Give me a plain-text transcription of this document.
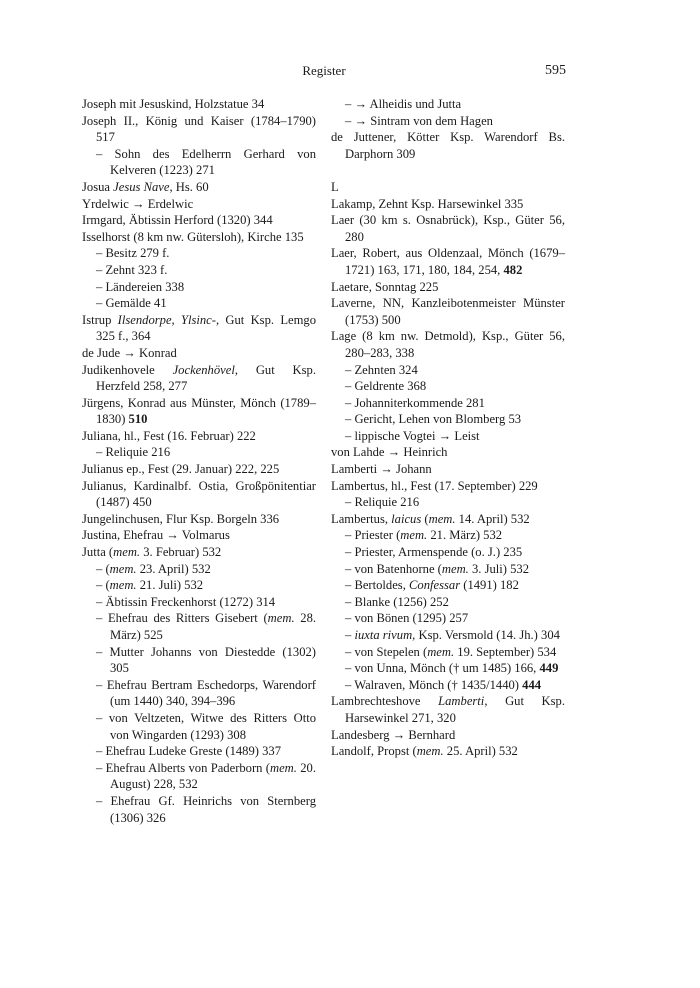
Register	595
Joseph mit Jesuskind, Holzstatue 34
Joseph II., König und Kaiser (1784–1790) 517
– Sohn des Edelherrn Gerhard von Kelveren (1223) 271
Josua Jesus Nave, Hs. 60
Yrdelwic → Erdelwic
Irmgard, Äbtissin Herford (1320) 344
Isselhorst (8 km nw. Gütersloh), Kirche 135
– Besitz 279 f.
– Zehnt 323 f.
– Ländereien 338
– Gemälde 41
Istrup Ilsendorpe, Ylsinc-, Gut Ksp. Lemgo 325 f., 364
de Jude → Konrad
Judikenhovele Jockenhövel, Gut Ksp. Herzfeld 258, 277
Jürgens, Konrad aus Münster, Mönch (1789–1830) 510
Juliana, hl., Fest (16. Februar) 222
– Reliquie 216
Julianus ep., Fest (29. Januar) 222, 225
Julianus, Kardinalbf. Ostia, Großpönitentiar (1487) 450
Jungelinchusen, Flur Ksp. Borgeln 336
Justina, Ehefrau → Volmarus
Jutta (mem. 3. Februar) 532
– (mem. 23. April) 532
– (mem. 21. Juli) 532
– Äbtissin Freckenhorst (1272) 314
– Ehefrau des Ritters Gisebert (mem. 28. März) 525
– Mutter Johanns von Diestedde (1302) 305
– Ehefrau Bertram Eschedorps, Warendorf (um 1440) 340, 394–396
– von Veltzeten, Witwe des Ritters Otto von Wingarden (1293) 308
– Ehefrau Ludeke Greste (1489) 337
– Ehefrau Alberts von Paderborn (mem. 20. August) 228, 532
– Ehefrau Gf. Heinrichs von Sternberg (1306) 326
– → Alheidis und Jutta
– → Sintram von dem Hagen
de Juttener, Kötter Ksp. Warendorf Bs. Darphorn 309
L
Lakamp, Zehnt Ksp. Harsewinkel 335
Laer (30 km s. Osnabrück), Ksp., Güter 56, 280
Laer, Robert, aus Oldenzaal, Mönch (1679–1721) 163, 171, 180, 184, 254, 482
Laetare, Sonntag 225
Laverne, NN, Kanzleibotenmeister Münster (1753) 500
Lage (8 km nw. Detmold), Ksp., Güter 56, 280–283, 338
– Zehnten 324
– Geldrente 368
– Johanniterkommende 281
– Gericht, Lehen von Blomberg 53
– lippische Vogtei → Leist
von Lahde → Heinrich
Lamberti → Johann
Lambertus, hl., Fest (17. September) 229
– Reliquie 216
Lambertus, laicus (mem. 14. April) 532
– Priester (mem. 21. März) 532
– Priester, Armenspende (o. J.) 235
– von Batenhorne (mem. 3. Juli) 532
– Bertoldes, Confessar (1491) 182
– Blanke (1256) 252
– von Bönen (1295) 257
– iuxta rivum, Ksp. Versmold (14. Jh.) 304
– von Stepelen (mem. 19. September) 534
– von Unna, Mönch († um 1485) 166, 449
– Walraven, Mönch († 1435/1440) 444
Lambrechteshove Lamberti, Gut Ksp. Harsewinkel 271, 320
Landesberg → Bernhard
Landolf, Propst (mem. 25. April) 532
